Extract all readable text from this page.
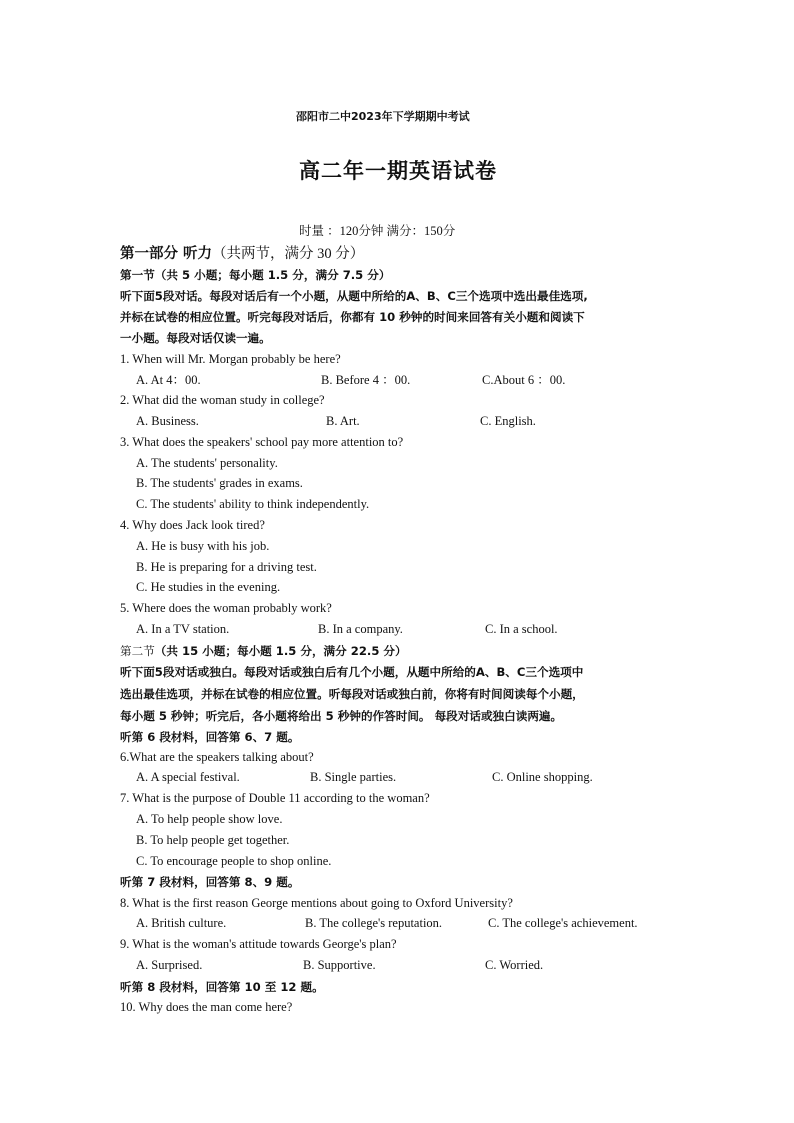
邵阳市二中2023年下学期期中考试
高二年一期英语试卷
时量 ：120分钟 满分：150分
第一部分 听力（共两节，满分 30 分）
第一节（共 5 小题；每小题 1.5 分，满分 7.5 分）
听下面5段对话。每段对话后有一个小题，从题中所给的A、B、C三个选项中选出最佳选项,
并标在试卷的相应位置。听完每段对话后，你都有 10 秒钟的时间来回答有关小题和阅读下
一小题。每段对话仅读一遍。
1. When will Mr. Morgan probably be here?
A. At 4：00.	B. Before 4 ：00.	C.About 6 ：00.
2. What did the woman study in college?
A. Business.	B. Art.	C. English.
3. What does the speakers' school pay more attention to?
A. The students' personality.
B. The students' grades in exams.
C. The students' ability to think independently.
4. Why does Jack look tired?
A. He is busy with his job.
B. He is preparing for a driving test.
C. He studies in the evening.
5. Where does the woman probably work?
A. In a TV station.	B. In a company.	C. In a school.
第二节（共 15 小题；每小题 1.5 分，满分 22.5 分）
听下面5段对话或独白。每段对话或独白后有几个小题，从题中所给的A、B、C三个选项中
选出最佳选项，并标在试卷的相应位置。听每段对话或独白前，你将有时间阅读每个小题，
每小题 5 秒钟；听完后，各小题将给出 5 秒钟的作答时间。 每段对话或独白读两遍。
听第 6 段材料，回答第 6、7 题。
6.What are the speakers talking about?
A. A special festival.	B. Single parties.	C. Online shopping.
7. What is the purpose of Double 11 according to the woman?
A. To help people show love.
B. To help people get together.
C. To encourage people to shop online.
听第 7 段材料，回答第 8、9 题。
8. What is the first reason George mentions about going to Oxford University?
A. British culture.	B. The college's reputation.	C. The college's achievement.
9. What is the woman's attitude towards George's plan?
A. Surprised.	B. Supportive.	C. Worried.
听第 8 段材料，回答第 10 至 12 题。
10. Why does the man come here?
